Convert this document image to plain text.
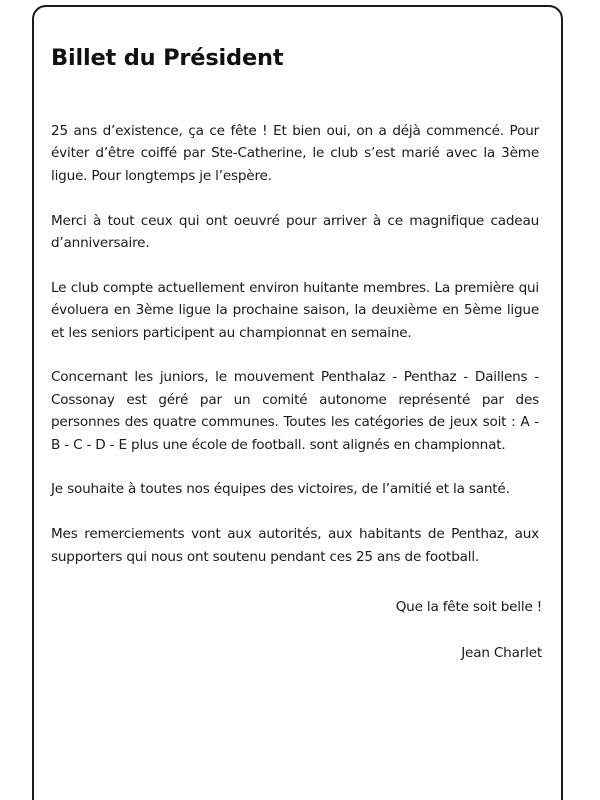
Billet du Président

25 ans d’existence, ça ce fête ! Et bien oui, on a déjà commencé. Pour éviter d’être coiffé par Ste-Catherine, le club s’est marié avec la 3ème ligue. Pour longtemps je l’espère.

Merci à tout ceux qui ont oeuvré pour arriver à ce magnifique cadeau d’anniversaire.

Le club compte actuellement environ huitante membres. La première qui évoluera en 3ème ligue la prochaine saison, la deuxième en 5ème ligue et les seniors participent au championnat en semaine.

Concernant les juniors, le mouvement Penthalaz - Penthaz - Daillens - Cossonay est géré par un comité autonome représenté par des personnes des quatre communes. Toutes les catégories de jeux soit : A - B - C - D - E plus une école de football. sont alignés en championnat.

Je souhaite à toutes nos équipes des victoires, de l’amitié et la santé.

Mes remerciements vont aux autorités, aux habitants de Penthaz, aux supporters qui nous ont soutenu pendant ces 25 ans de football.

Que la fête soit belle !

Jean Charlet
